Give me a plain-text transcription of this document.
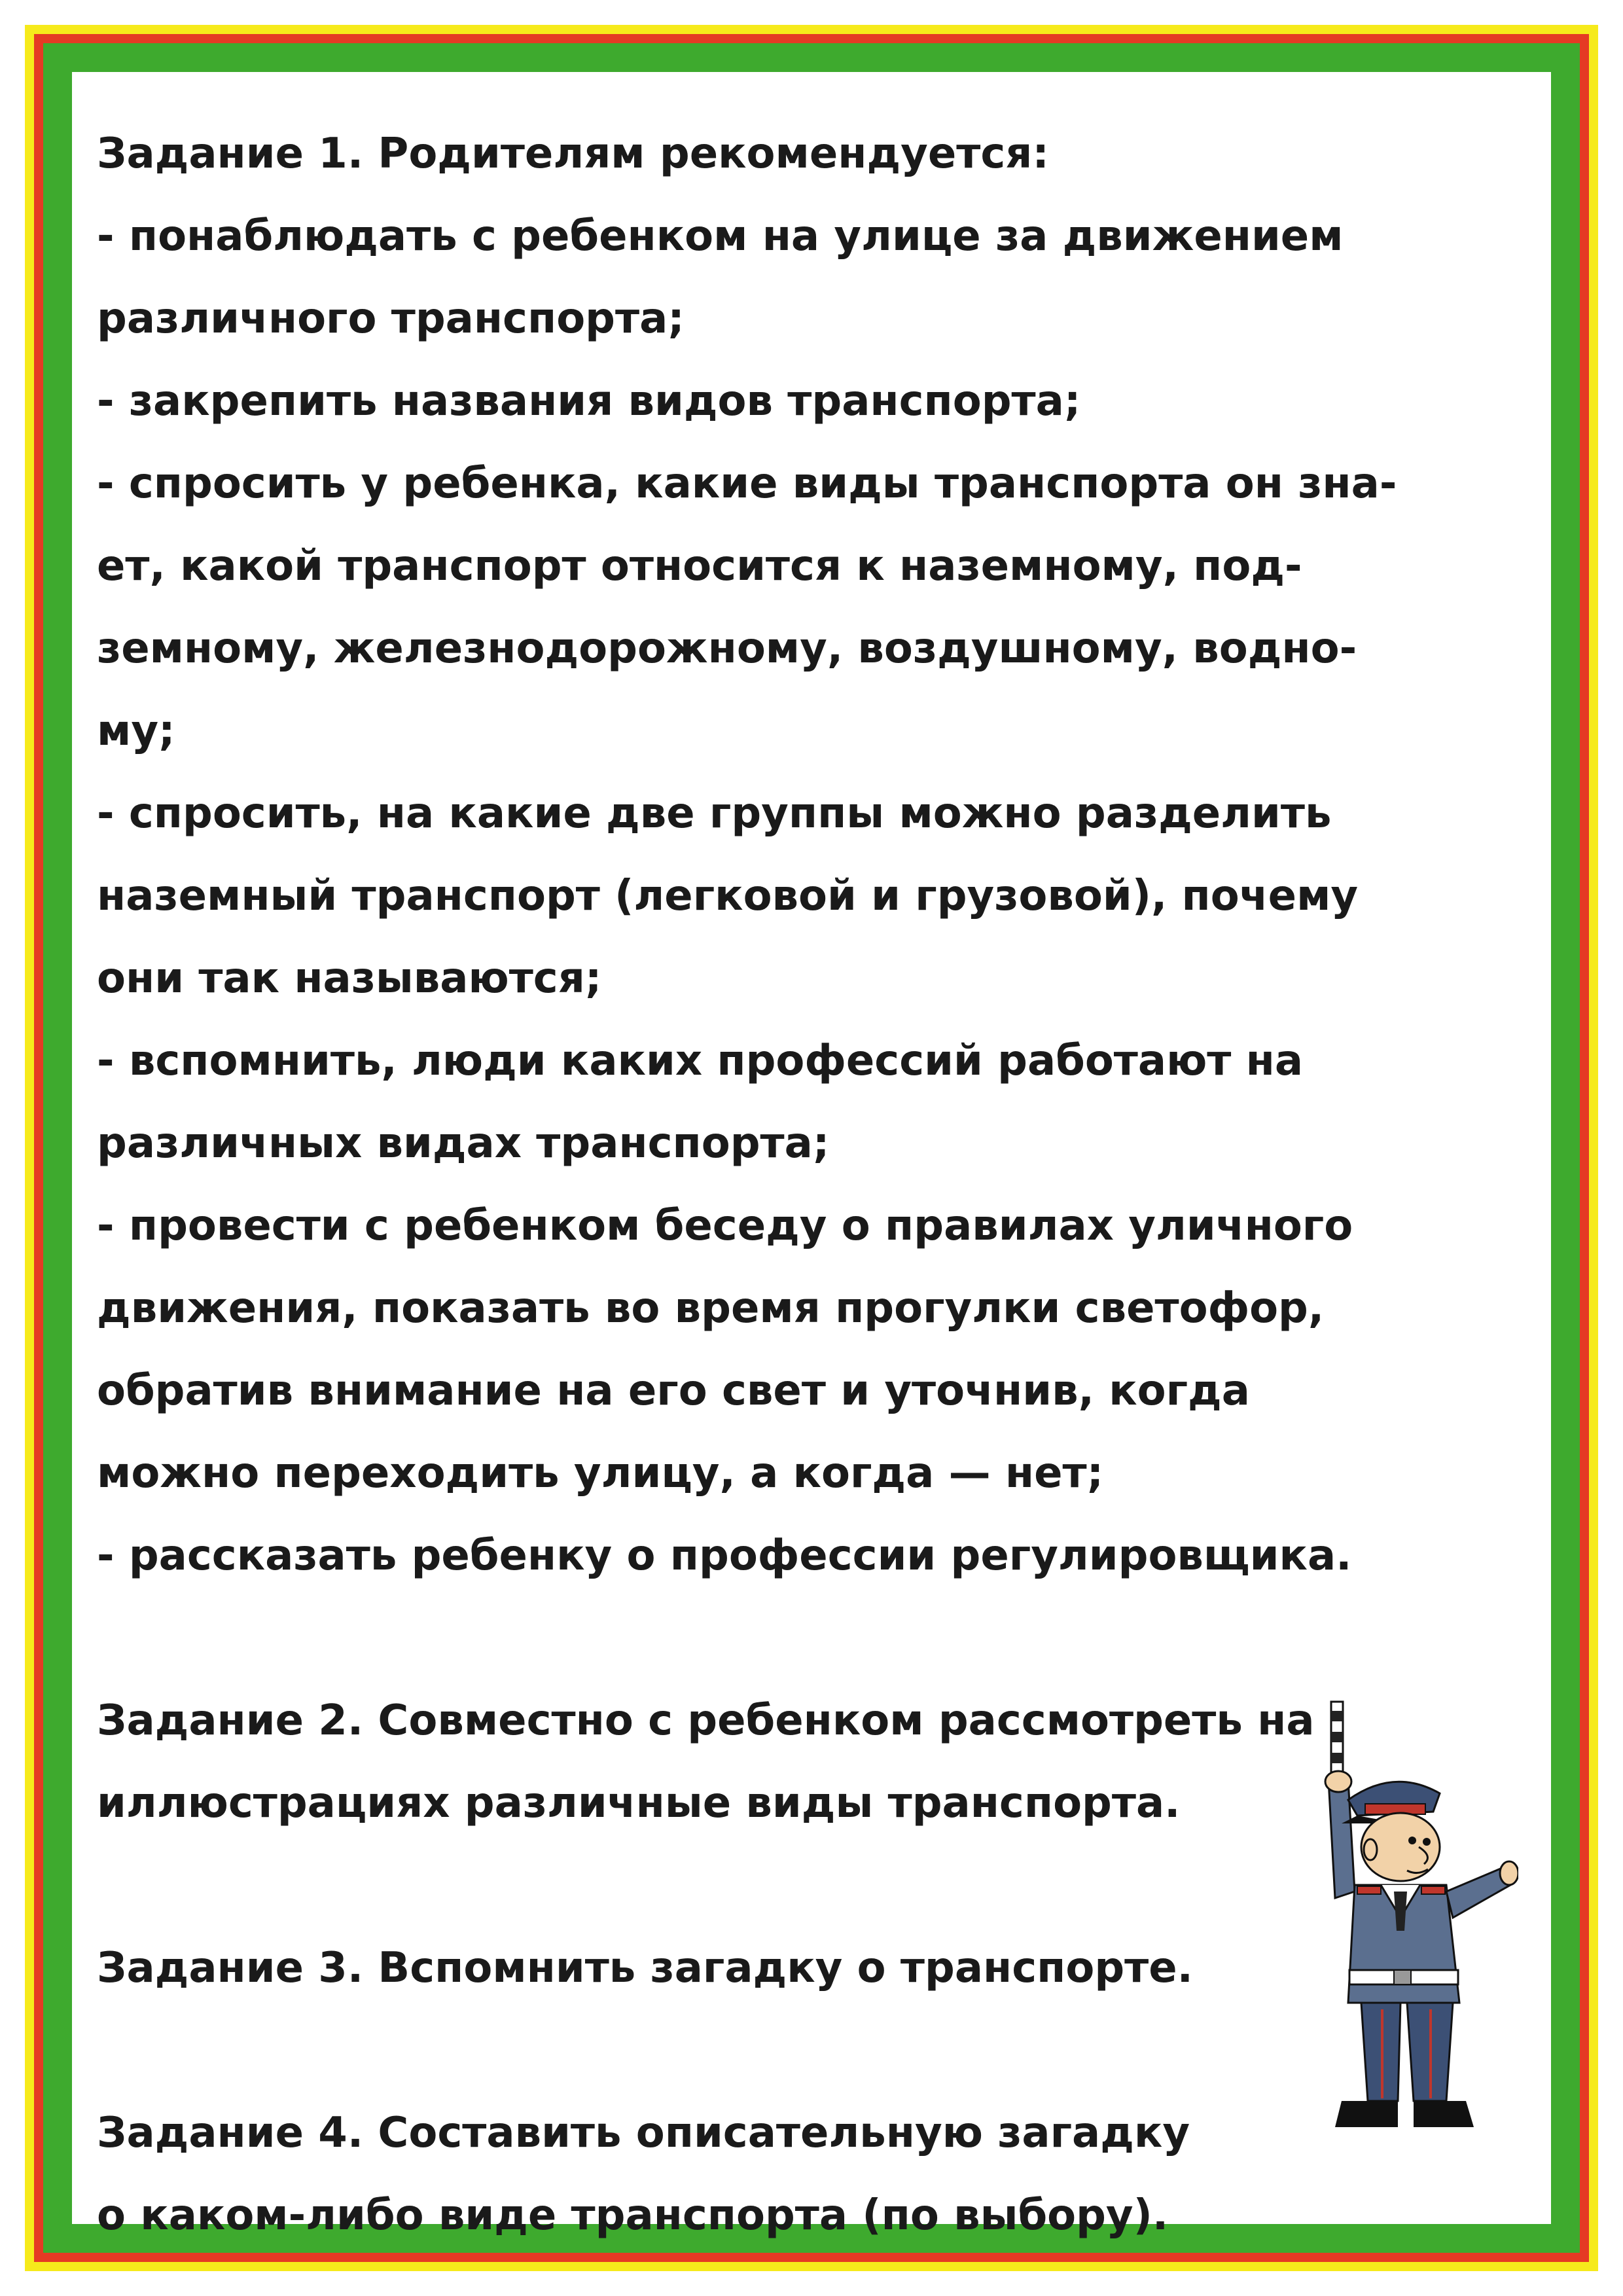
Задание 1. Родителям рекомендуется:
- понаблюдать с ребенком на улице за движением
различного транспорта;
- закрепить названия видов транспорта;
- спросить у ребенка, какие виды транспорта он зна-
ет, какой транспорт относится к наземному, под-
земному, железнодорожному, воздушному, водно-
му;
- спросить, на какие две группы можно разделить
наземный транспорт (легковой и грузовой), почему
они так называются;
- вспомнить, люди каких профессий работают на
различных видах транспорта;
- провести с ребенком беседу о правилах уличного
движения, показать во время прогулки светофор,
обратив внимание на его свет и уточнив, когда
можно переходить улицу, а когда — нет;
- рассказать ребенку о профессии регулировщика.
Задание 2. Совместно с ребенком рассмотреть на
иллюстрациях различные виды транспорта.
Задание 3. Вспомнить загадку о транспорте.
Задание 4. Составить описательную загадку
о каком-либо виде транспорта (по выбору).
